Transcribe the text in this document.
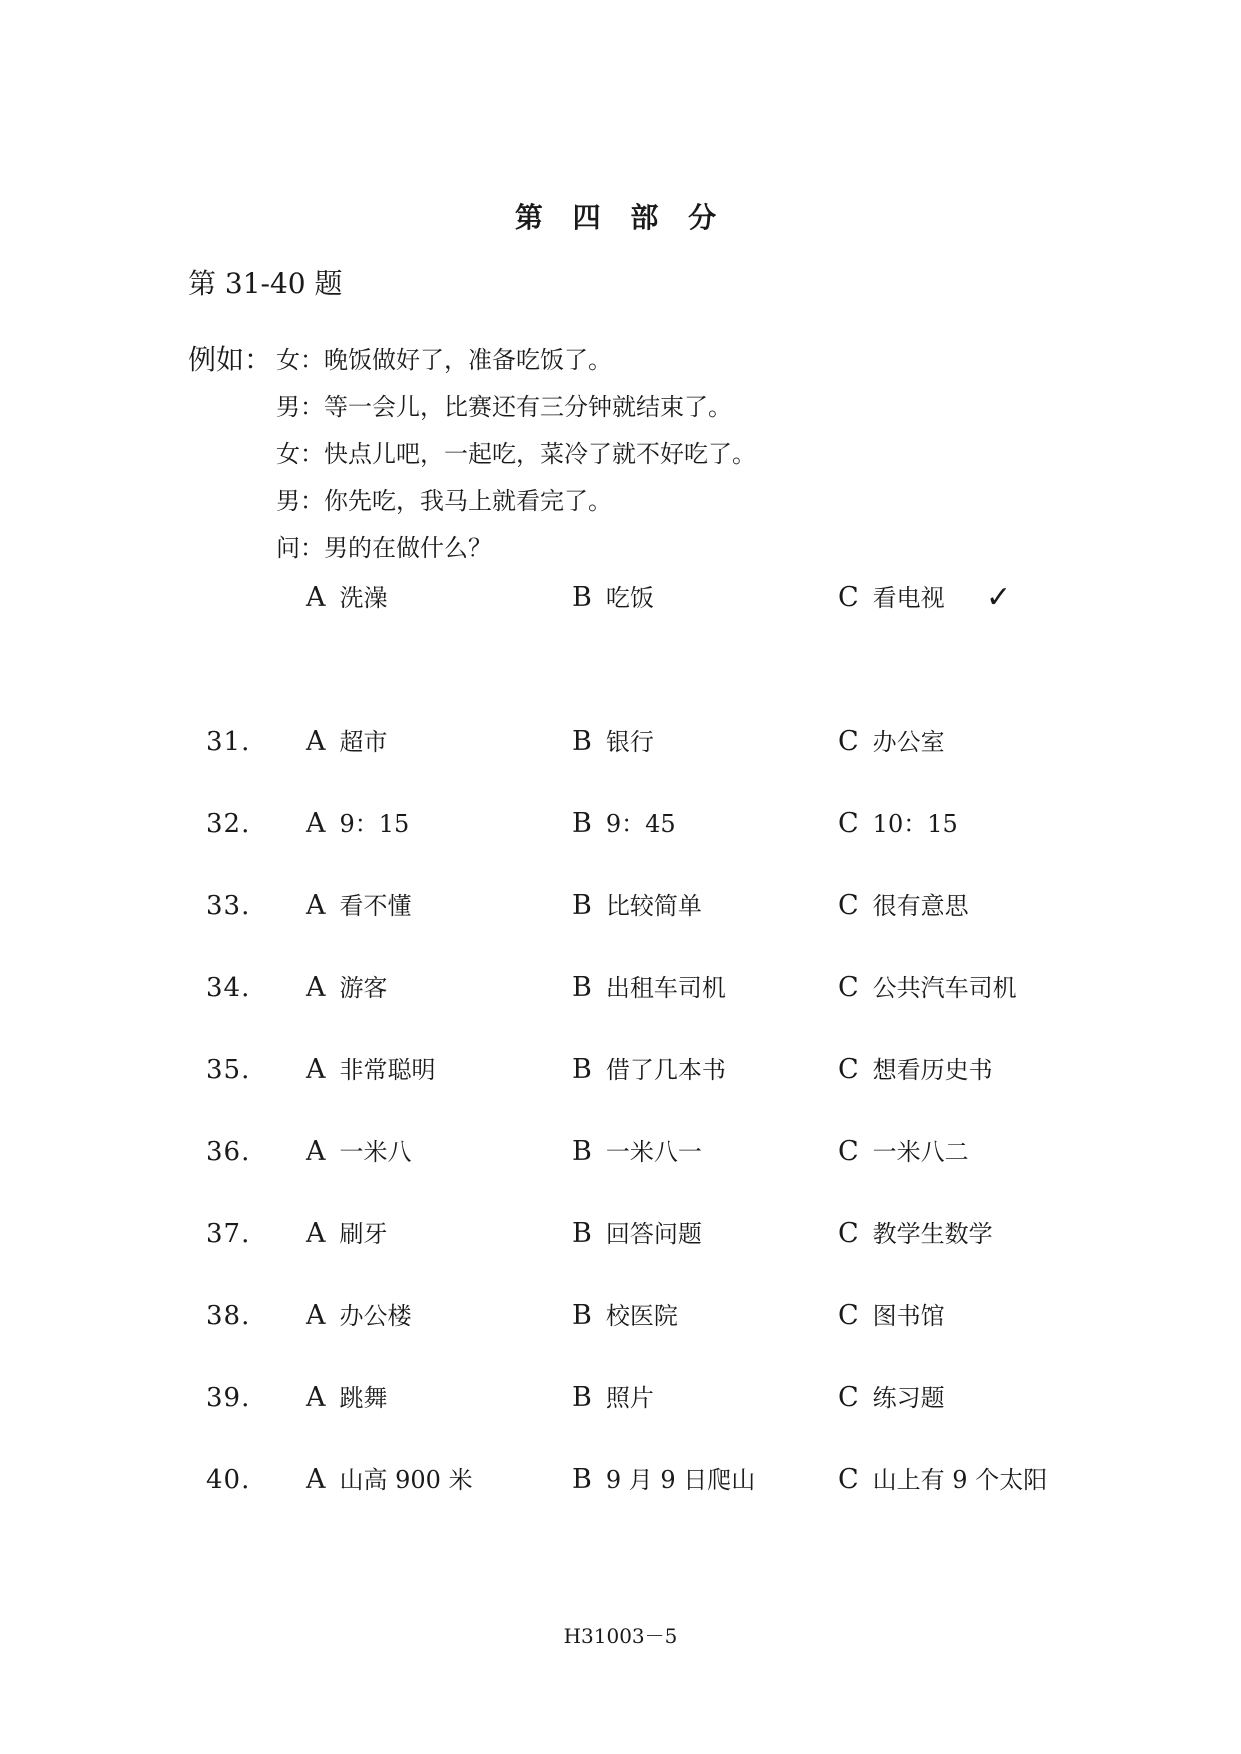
第 四 部 分
第 31-40 题
例如： 女：晚饭做好了，准备吃饭了。
男：等一会儿，比赛还有三分钟就结束了。
女：快点儿吧，一起吃，菜冷了就不好吃了。
男：你先吃，我马上就看完了。
问：男的在做什么？
A 洗澡	B 吃饭	C 看电视 ✓
31. A 超市	B 银行	C 办公室
32. A 9：15	B 9：45	C 10：15
33. A 看不懂	B 比较简单	C 很有意思
34. A 游客	B 出租车司机	C 公共汽车司机
35. A 非常聪明	B 借了几本书	C 想看历史书
36. A 一米八	B 一米八一	C 一米八二
37. A 刷牙	B 回答问题	C 教学生数学
38. A 办公楼	B 校医院	C 图书馆
39. A 跳舞	B 照片	C 练习题
40. A 山高 900 米	B 9 月 9 日爬山	C 山上有 9 个太阳
H31003－5
